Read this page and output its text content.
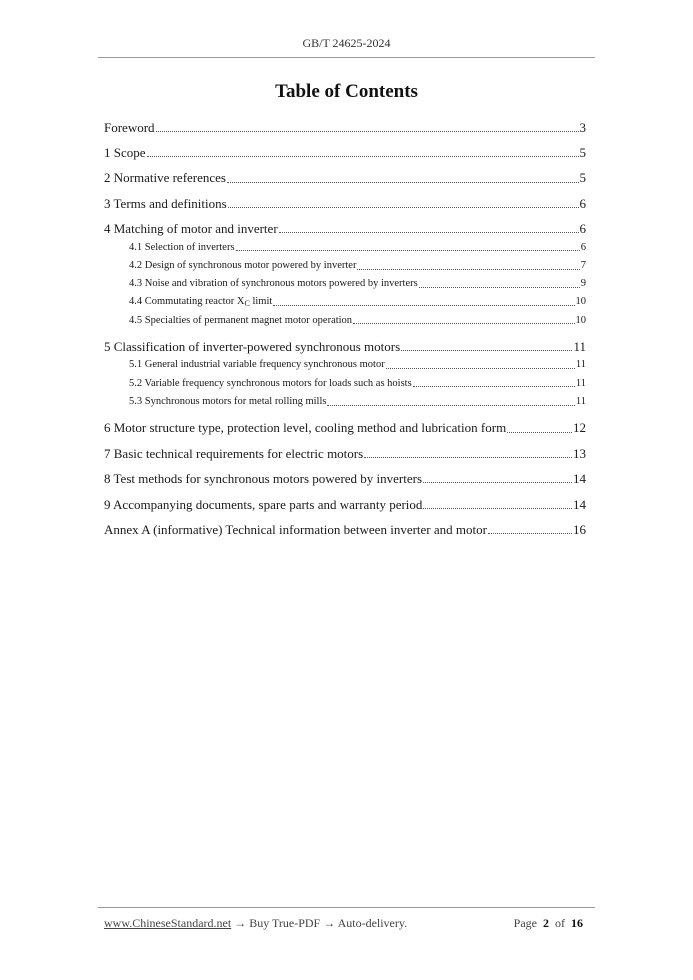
GB/T 24625-2024
Table of Contents
Foreword	3
1 Scope	5
2 Normative references	5
3 Terms and definitions	6
4 Matching of motor and inverter	6
4.1 Selection of inverters	6
4.2 Design of synchronous motor powered by inverter	7
4.3 Noise and vibration of synchronous motors powered by inverters	9
4.4 Commutating reactor $X_C$ limit	10
4.5 Specialties of permanent magnet motor operation	10
5 Classification of inverter-powered synchronous motors	11
5.1 General industrial variable frequency synchronous motor	11
5.2 Variable frequency synchronous motors for loads such as hoists	11
5.3 Synchronous motors for metal rolling mills	11
6 Motor structure type, protection level, cooling method and lubrication form	12
7 Basic technical requirements for electric motors	13
8 Test methods for synchronous motors powered by inverters	14
9 Accompanying documents, spare parts and warranty period	14
Annex A (informative) Technical information between inverter and motor	16
www.ChineseStandard.net → Buy True-PDF → Auto-delivery.	Page 2 of 16
